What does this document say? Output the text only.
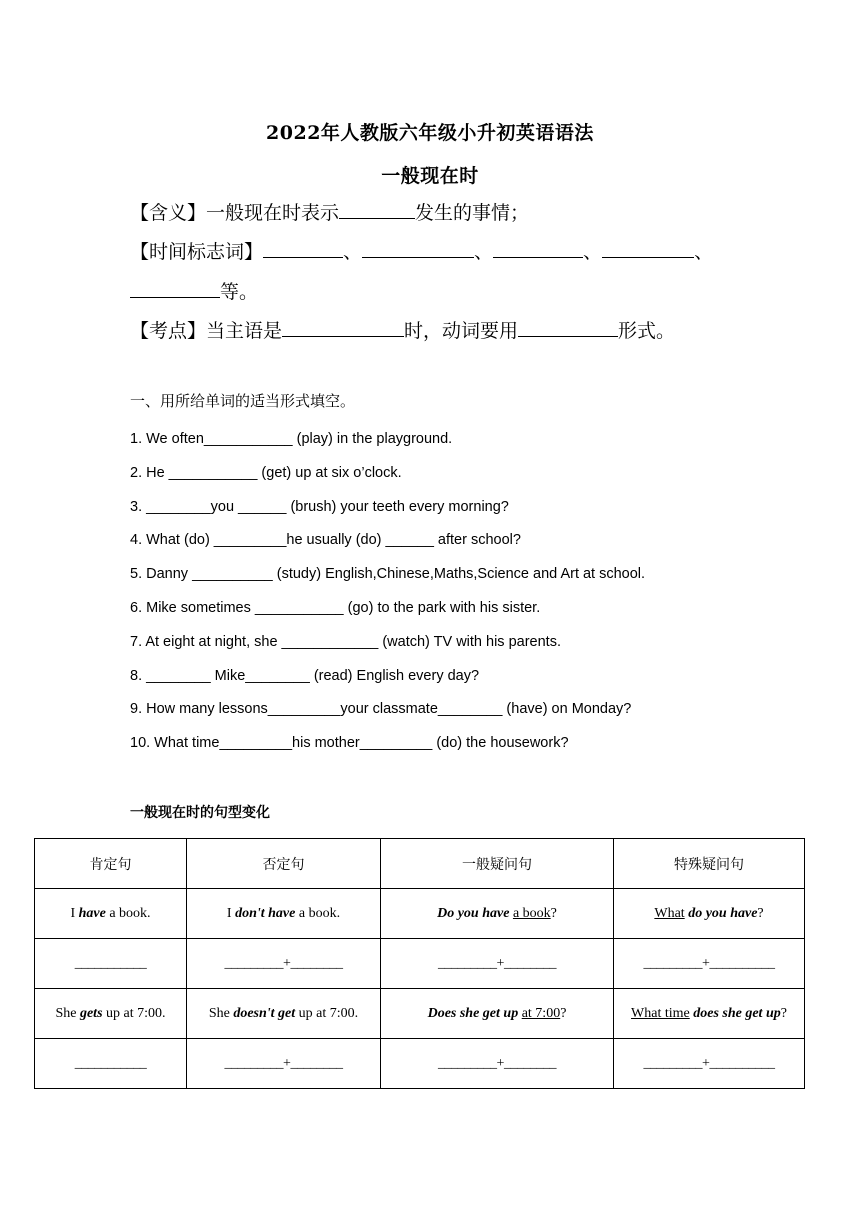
2022年人教版六年级小升初英语语法
一般现在时
【含义】一般现在时表示	发生的事情；
【时间标志词】	、	、	、	、
等。
【考点】当主语是	时，动词要用	形式。
一、用所给单词的适当形式填空。
1. We often___________ (play) in the playground.
2. He ___________ (get) up at six o’clock.
3. ________you ______ (brush) your teeth every morning?
4. What (do) _________he usually (do) ______ after school?
5. Danny __________ (study) English,Chinese,Maths,Science and Art at school.
6. Mike sometimes ___________ (go) to the park with his sister.
7. At eight at night, she ____________ (watch) TV with his parents.
8. ________ Mike________ (read) English every day?
9. How many lessons_________your classmate________ (have) on Monday?
10. What time_________his mother_________ (do) the housework?
一般现在时的句型变化
肯定句	否定句	一般疑问句	特殊疑问句
I have a book.	I don't have a book.	Do you have a book?	What do you have?
___________	_________+________	_________+________	_________+__________
She gets up at 7:00.	She doesn't get up at 7:00.	Does she get up at 7:00?	What time does she get up?
___________	_________+________	_________+________	_________+__________
